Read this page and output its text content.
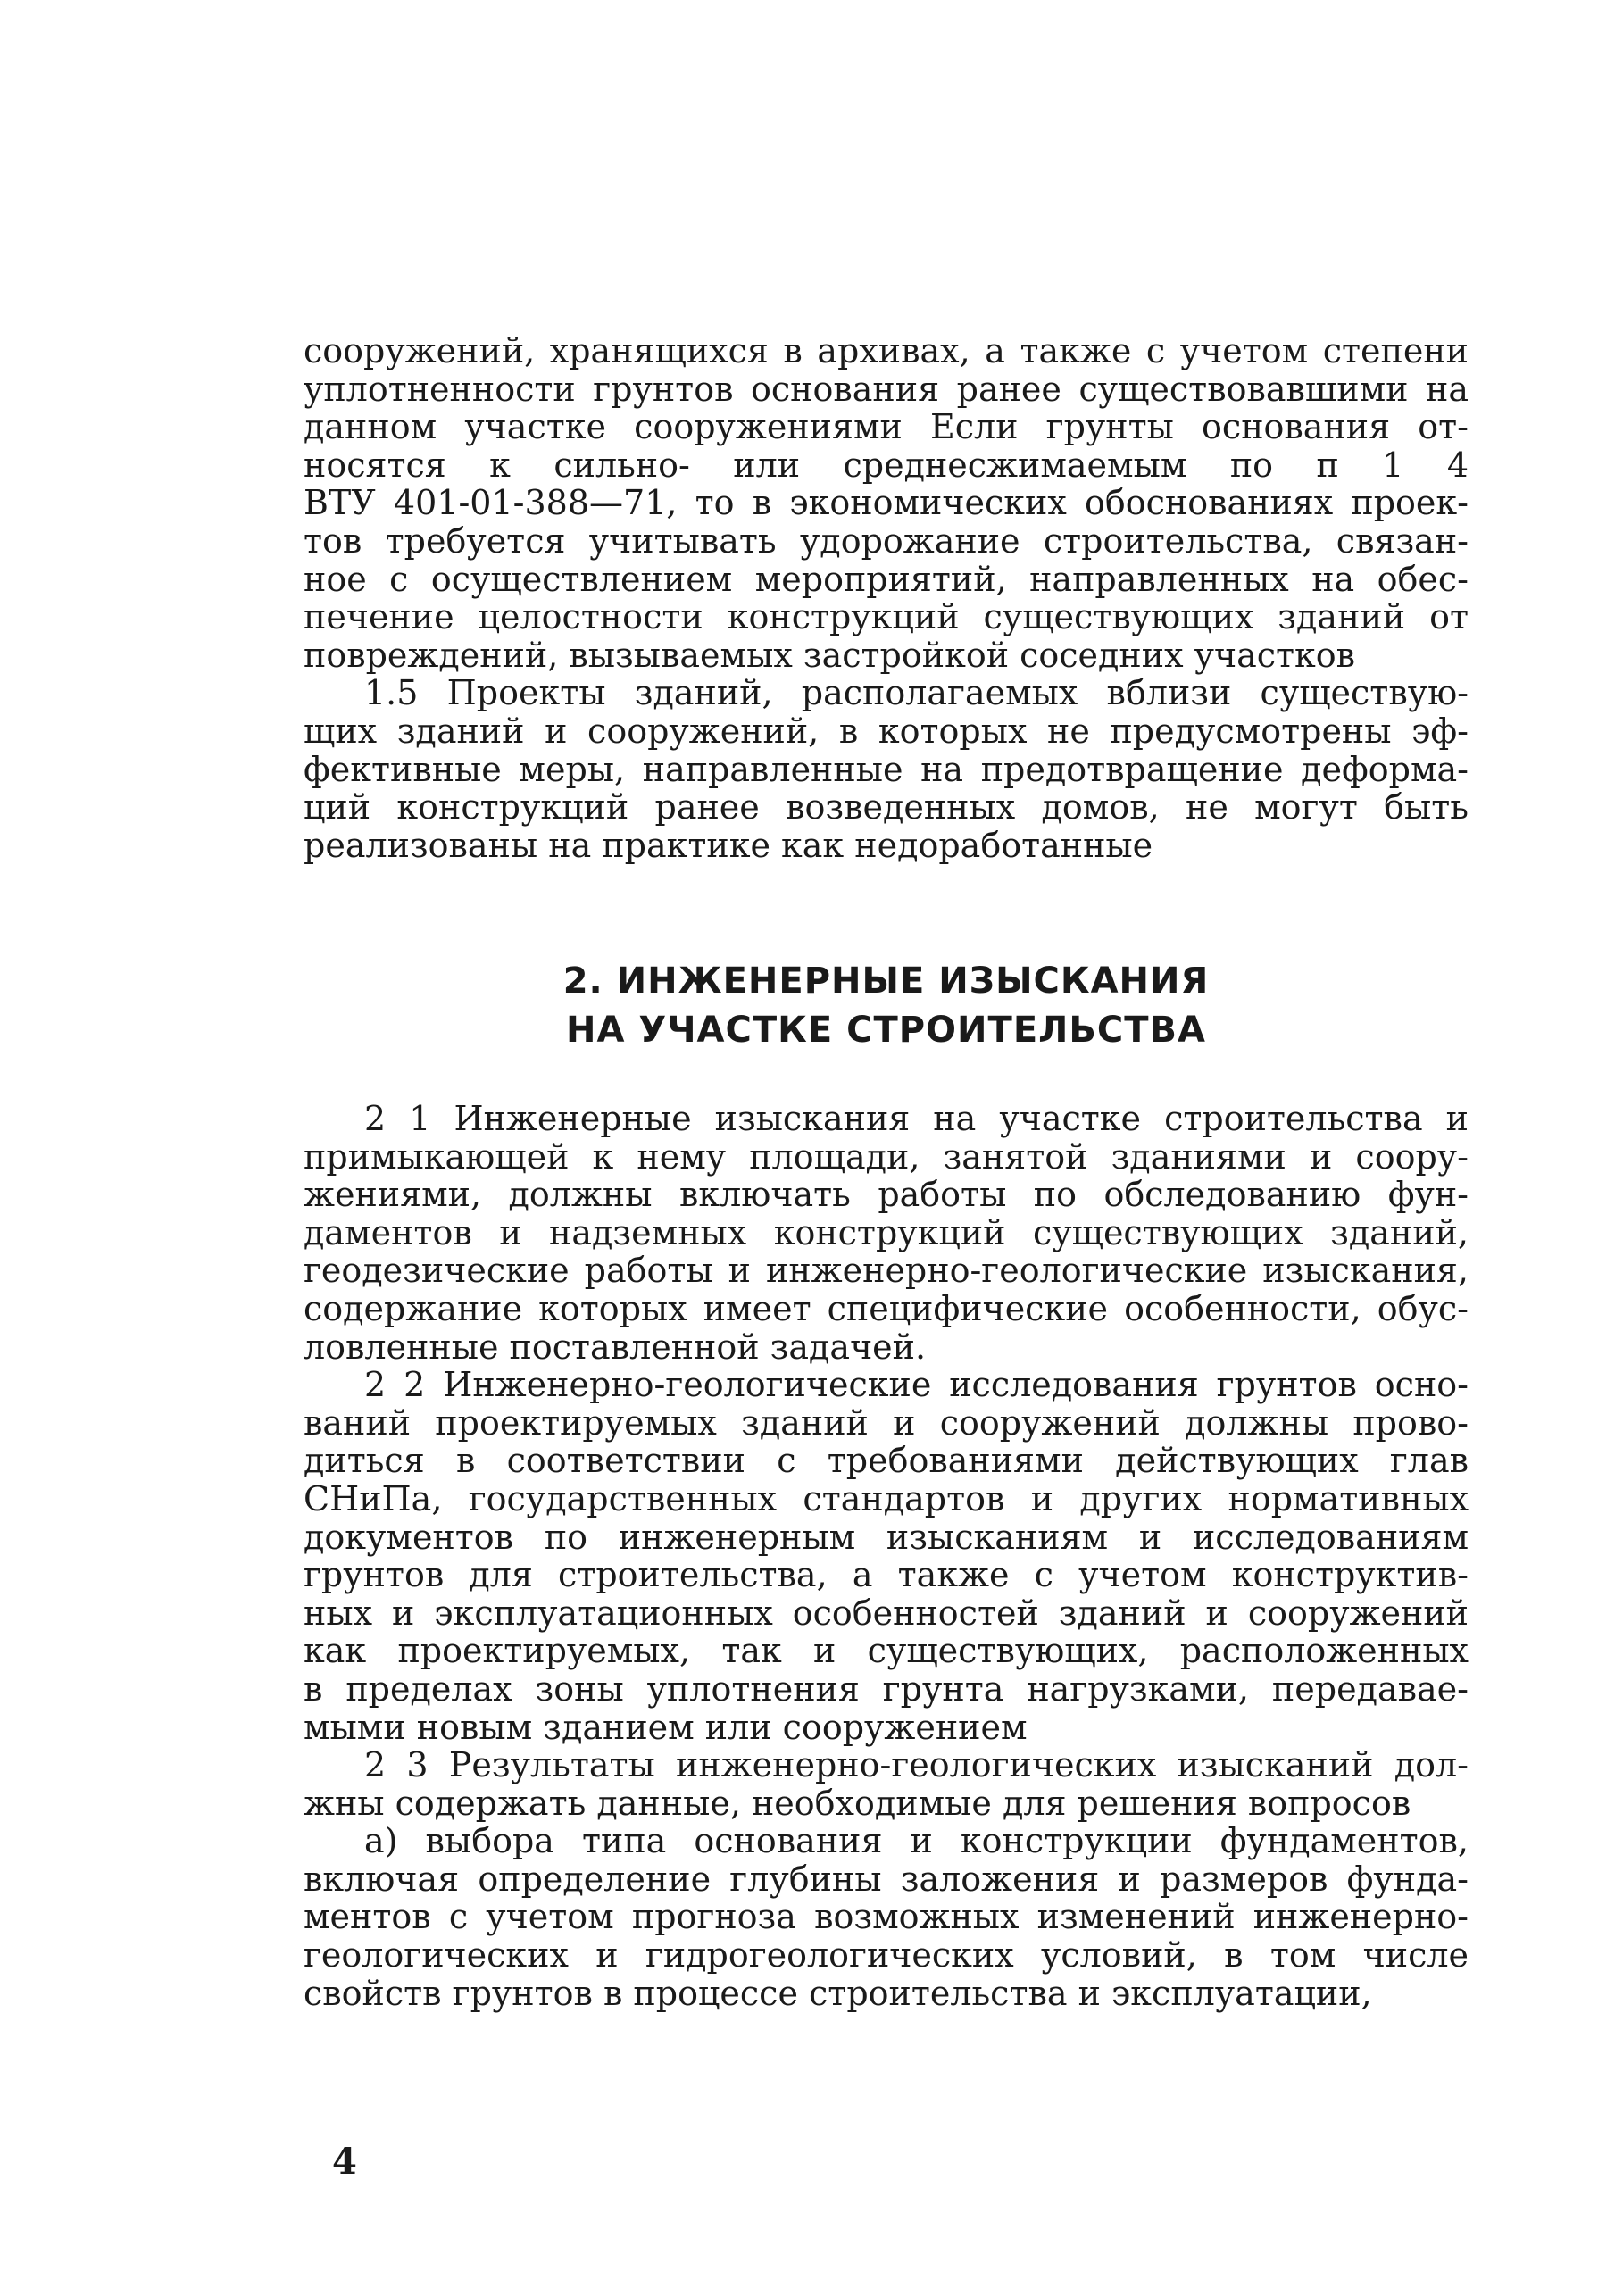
сооружений, хранящихся в архивах, а также с учетом степени
уплотненности грунтов основания ранее существовавшими на
данном участке сооружениями Если грунты основания от-
носятся к сильно- или среднесжимаемым по п 1 4
ВТУ 401-01-388—71, то в экономических обоснованиях проек-
тов требуется учитывать удорожание строительства, связан-
ное с осуществлением мероприятий, направленных на обес-
печение целостности конструкций существующих зданий от
повреждений, вызываемых застройкой соседних участков
1.5 Проекты зданий, располагаемых вблизи существую-
щих зданий и сооружений, в которых не предусмотрены эф-
фективные меры, направленные на предотвращение деформа-
ций конструкций ранее возведенных домов, не могут быть
реализованы на практике как недоработанные
2. ИНЖЕНЕРНЫЕ ИЗЫСКАНИЯ
НА УЧАСТКЕ СТРОИТЕЛЬСТВА
2 1 Инженерные изыскания на участке строительства и
примыкающей к нему площади, занятой зданиями и соору-
жениями, должны включать работы по обследованию фун-
даментов и надземных конструкций существующих зданий,
геодезические работы и инженерно-геологические изыскания,
содержание которых имеет специфические особенности, обус-
ловленные поставленной задачей.
2 2 Инженерно-геологические исследования грунтов осно-
ваний проектируемых зданий и сооружений должны прово-
диться в соответствии с требованиями действующих глав
СНиПа, государственных стандартов и других нормативных
документов по инженерным изысканиям и исследованиям
грунтов для строительства, а также с учетом конструктив-
ных и эксплуатационных особенностей зданий и сооружений
как проектируемых, так и существующих, расположенных
в пределах зоны уплотнения грунта нагрузками, передавае-
мыми новым зданием или сооружением
2 3 Результаты инженерно-геологических изысканий дол-
жны содержать данные, необходимые для решения вопросов
а) выбора типа основания и конструкции фундаментов,
включая определение глубины заложения и размеров фунда-
ментов с учетом прогноза возможных изменений инженерно-
геологических и гидрогеологических условий, в том числе
свойств грунтов в процессе строительства и эксплуатации,
4
